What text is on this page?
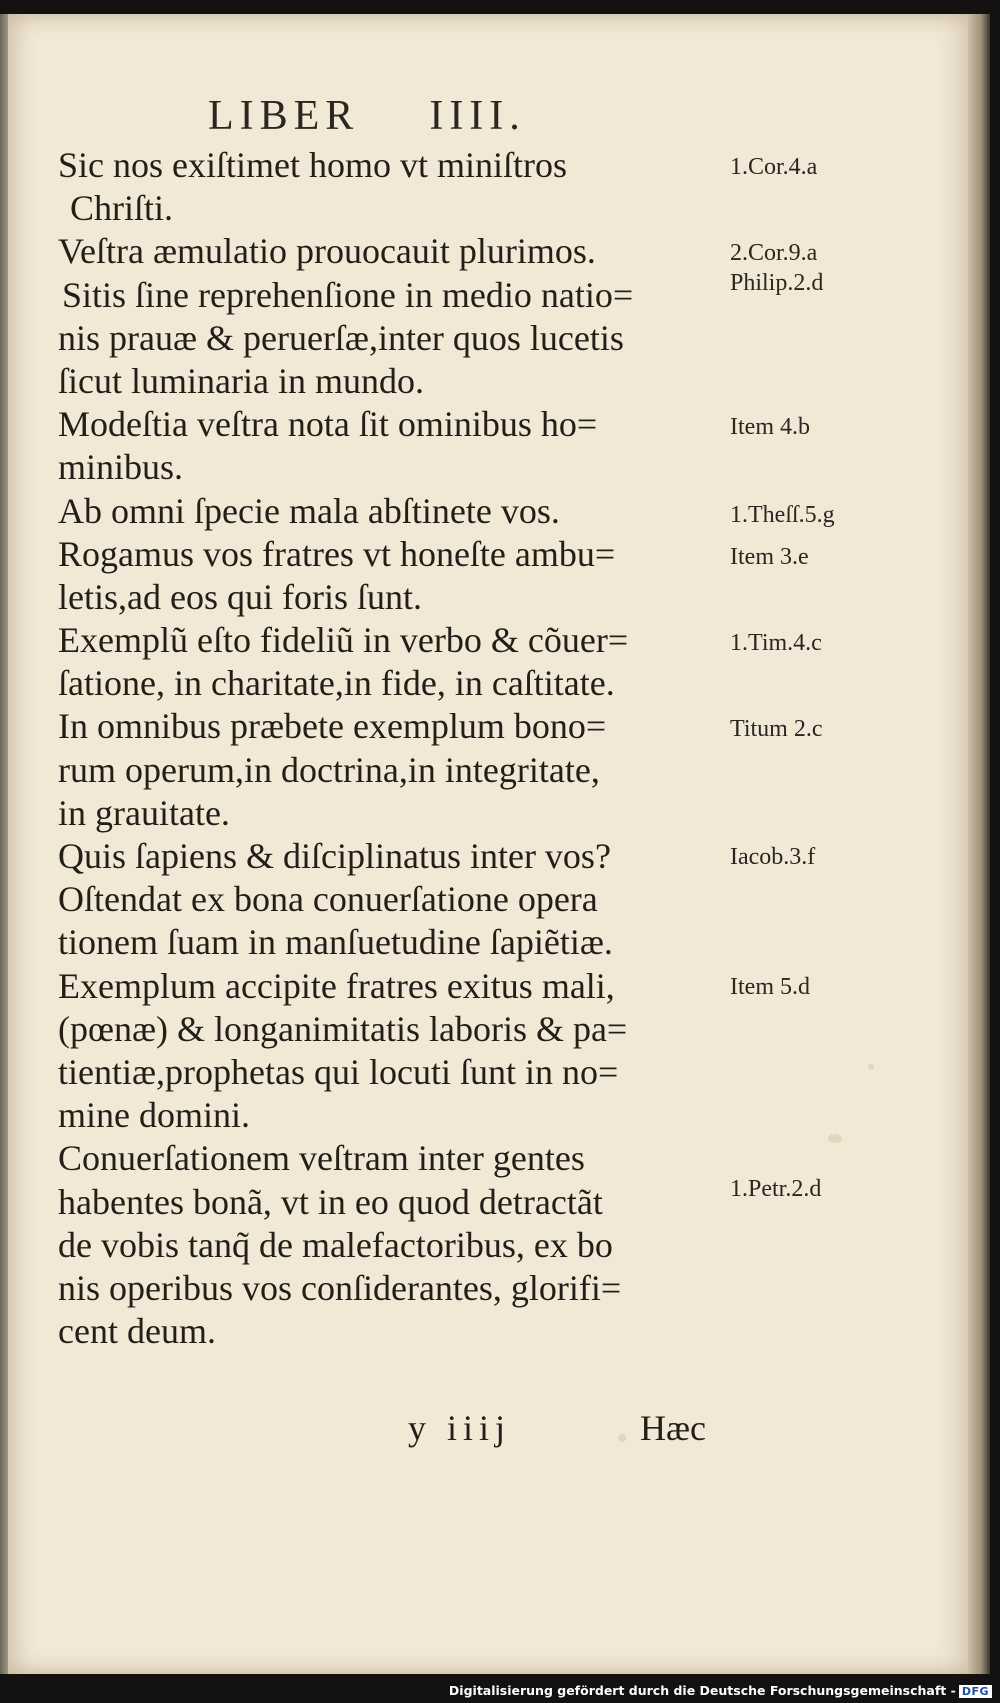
LIBER IIII.
Sic nos exiſtimet homo vt miniſtros
Chriſti.
Veſtra æmulatio prouocauit plurimos.
Sitis ſine reprehenſione in medio natio=
nis prauæ & peruerſæ,inter quos lucetis
ſicut luminaria in mundo.
Modeſtia veſtra nota ſit ominibus ho=
minibus.
Ab omni ſpecie mala abſtinete vos.
Rogamus vos fratres vt honeſte ambu=
letis,ad eos qui foris ſunt.
Exemplũ eſto fideliũ in verbo & cõuer=
ſatione, in charitate,in fide, in caſtitate.
In omnibus præbete exemplum bono=
rum operum,in doctrina,in integritate,
in grauitate.
Quis ſapiens & diſciplinatus inter vos?
Oſtendat ex bona conuerſatione opera
tionem ſuam in manſuetudine ſapiẽtiæ.
Exemplum accipite fratres exitus mali,
(pœnæ) & longanimitatis laboris & pa=
tientiæ,prophetas qui locuti ſunt in no=
mine domini.
Conuerſationem veſtram inter gentes
habentes bonã, vt in eo quod detractãt
de vobis tanq̃ de malefactoribus, ex bo
nis operibus vos conſiderantes, glorifi=
cent deum.
1.Cor.4.a
2.Cor.9.a
Philip.2.d
Item 4.b
1.Theſſ.5.g
Item 3.e
1.Tim.4.c
Titum 2.c
Iacob.3.f
Item 5.d
1.Petr.2.d
y iiij	Hæc
Digitalisierung gefördert durch die Deutsche Forschungsgemeinschaft - DFG
